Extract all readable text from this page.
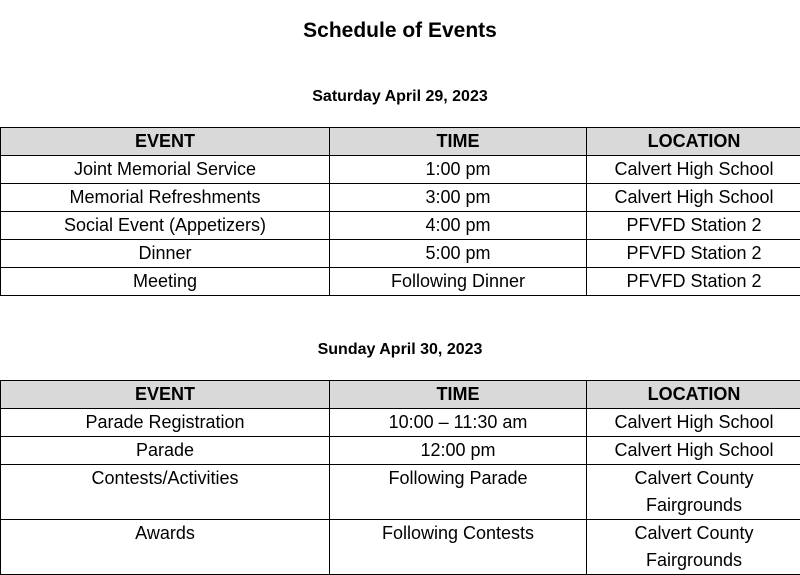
Schedule of Events
Saturday April 29, 2023
EVENT	TIME	LOCATION
Joint Memorial Service	1:00 pm	Calvert High School
Memorial Refreshments	3:00 pm	Calvert High School
Social Event (Appetizers)	4:00 pm	PFVFD Station 2
Dinner	5:00 pm	PFVFD Station 2
Meeting	Following Dinner	PFVFD Station 2
Sunday April 30, 2023
EVENT	TIME	LOCATION
Parade Registration	10:00 – 11:30 am	Calvert High School
Parade	12:00 pm	Calvert High School
Contests/Activities	Following Parade	Calvert County Fairgrounds
Awards	Following Contests	Calvert County Fairgrounds
